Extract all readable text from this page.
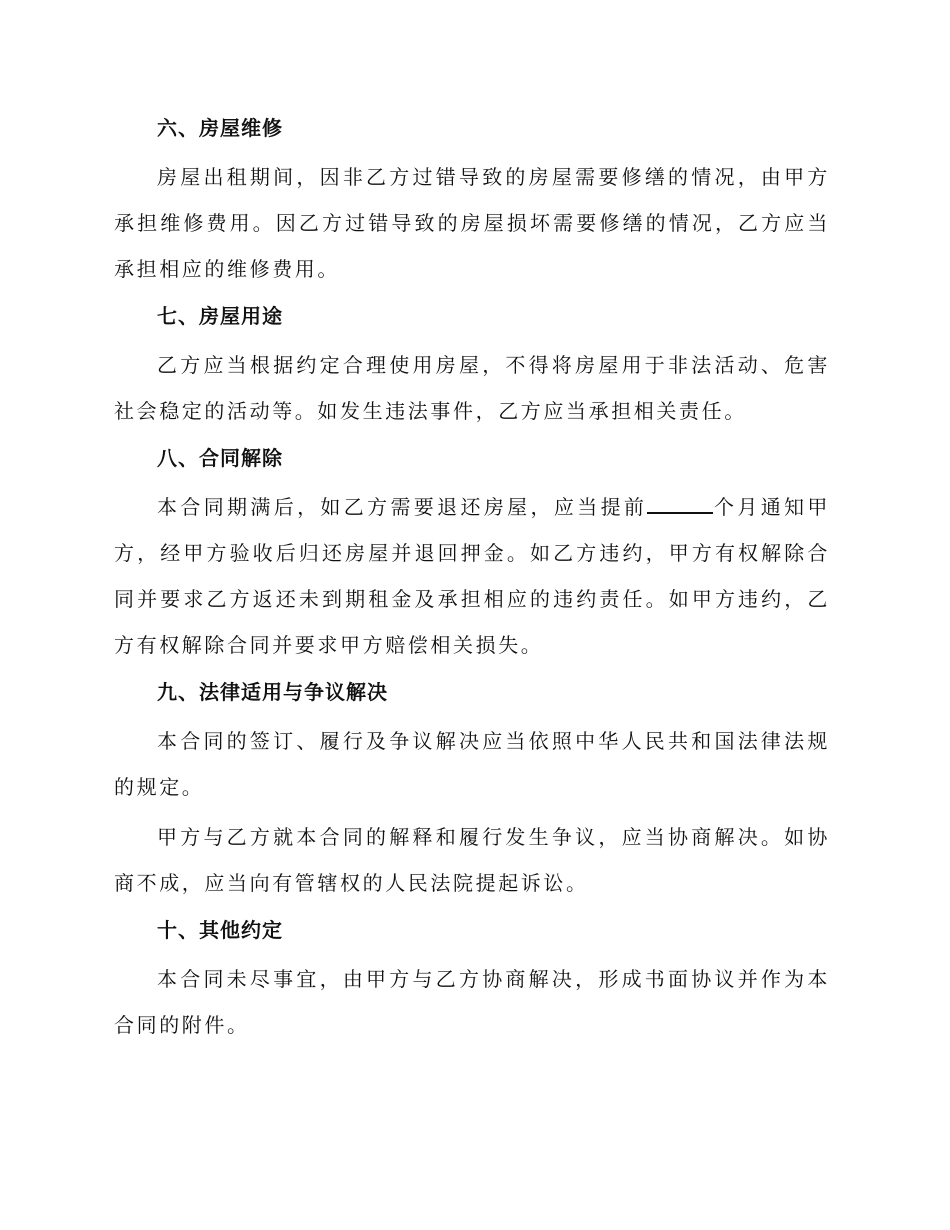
六、房屋维修

房屋出租期间，因非乙方过错导致的房屋需要修缮的情况，由甲方承担维修费用。因乙方过错导致的房屋损坏需要修缮的情况，乙方应当承担相应的维修费用。

七、房屋用途

乙方应当根据约定合理使用房屋，不得将房屋用于非法活动、危害社会稳定的活动等。如发生违法事件，乙方应当承担相关责任。

八、合同解除

本合同期满后，如乙方需要退还房屋，应当提前	个月通知甲方，经甲方验收后归还房屋并退回押金。如乙方违约，甲方有权解除合同并要求乙方返还未到期租金及承担相应的违约责任。如甲方违约，乙方有权解除合同并要求甲方赔偿相关损失。

九、法律适用与争议解决

本合同的签订、履行及争议解决应当依照中华人民共和国法律法规的规定。

甲方与乙方就本合同的解释和履行发生争议，应当协商解决。如协商不成，应当向有管辖权的人民法院提起诉讼。

十、其他约定

本合同未尽事宜，由甲方与乙方协商解决，形成书面协议并作为本合同的附件。
